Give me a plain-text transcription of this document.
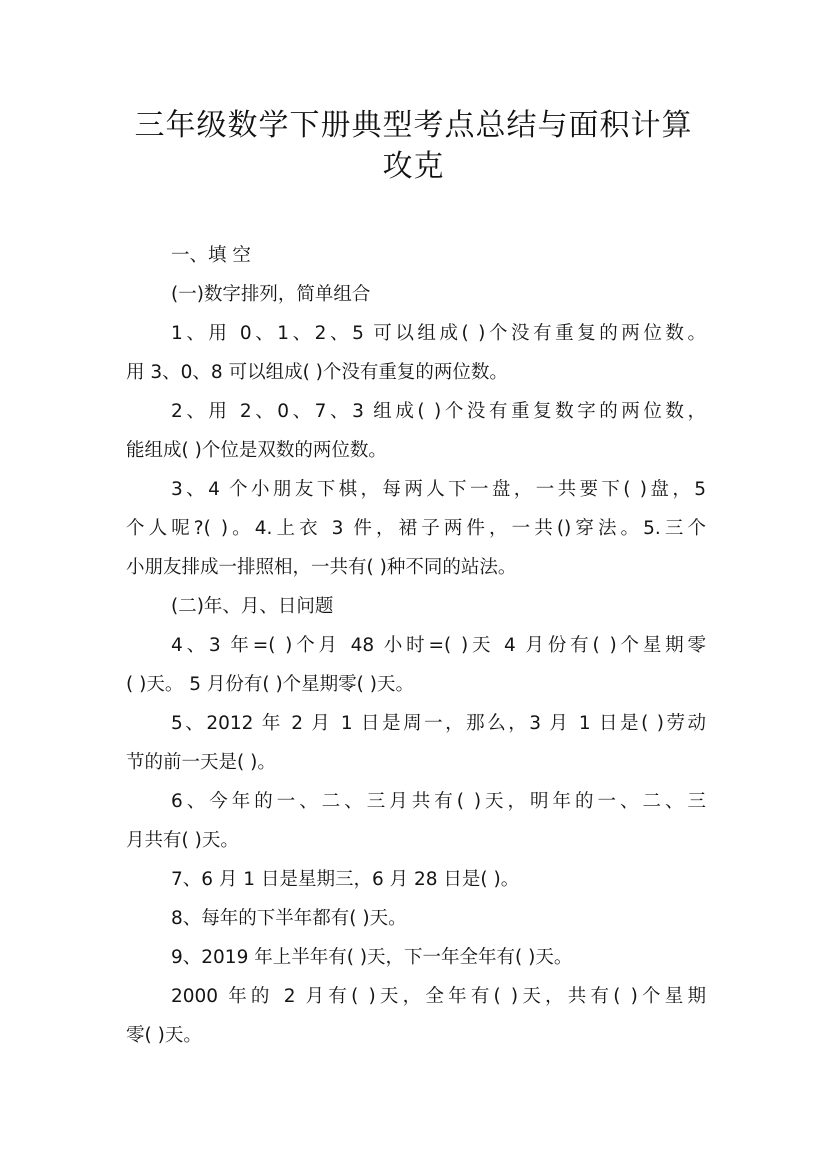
三年级数学下册典型考点总结与面积计算
攻克
一、填 空
(一)数字排列，简单组合
1、用 0、1、2、5 可以组成( )个没有重复的两位数。
用 3、0、8 可以组成( )个没有重复的两位数。
2、用 2、0、7、3 组成( )个没有重复数字的两位数，
能组成( )个位是双数的两位数。
3、4 个小朋友下棋，每两人下一盘，一共要下( )盘，5
个人呢?( )。4.上衣 3 件，裙子两件，一共()穿法。5.三个
小朋友排成一排照相，一共有( )种不同的站法。
(二)年、月、日问题
4、3 年=( )个月 48 小时=( )天 4 月份有( )个星期零
( )天。 5 月份有( )个星期零( )天。
5、2012 年 2 月 1 日是周一，那么，3 月 1 日是( )劳动
节的前一天是( )。
6、今年的一、二、三月共有( )天，明年的一、二、三
月共有( )天。
7、6 月 1 日是星期三，6 月 28 日是( )。
8、每年的下半年都有( )天。
9、2019 年上半年有( )天，下一年全年有( )天。
2000 年的 2 月有( )天，全年有( )天，共有( )个星期
零( )天。
